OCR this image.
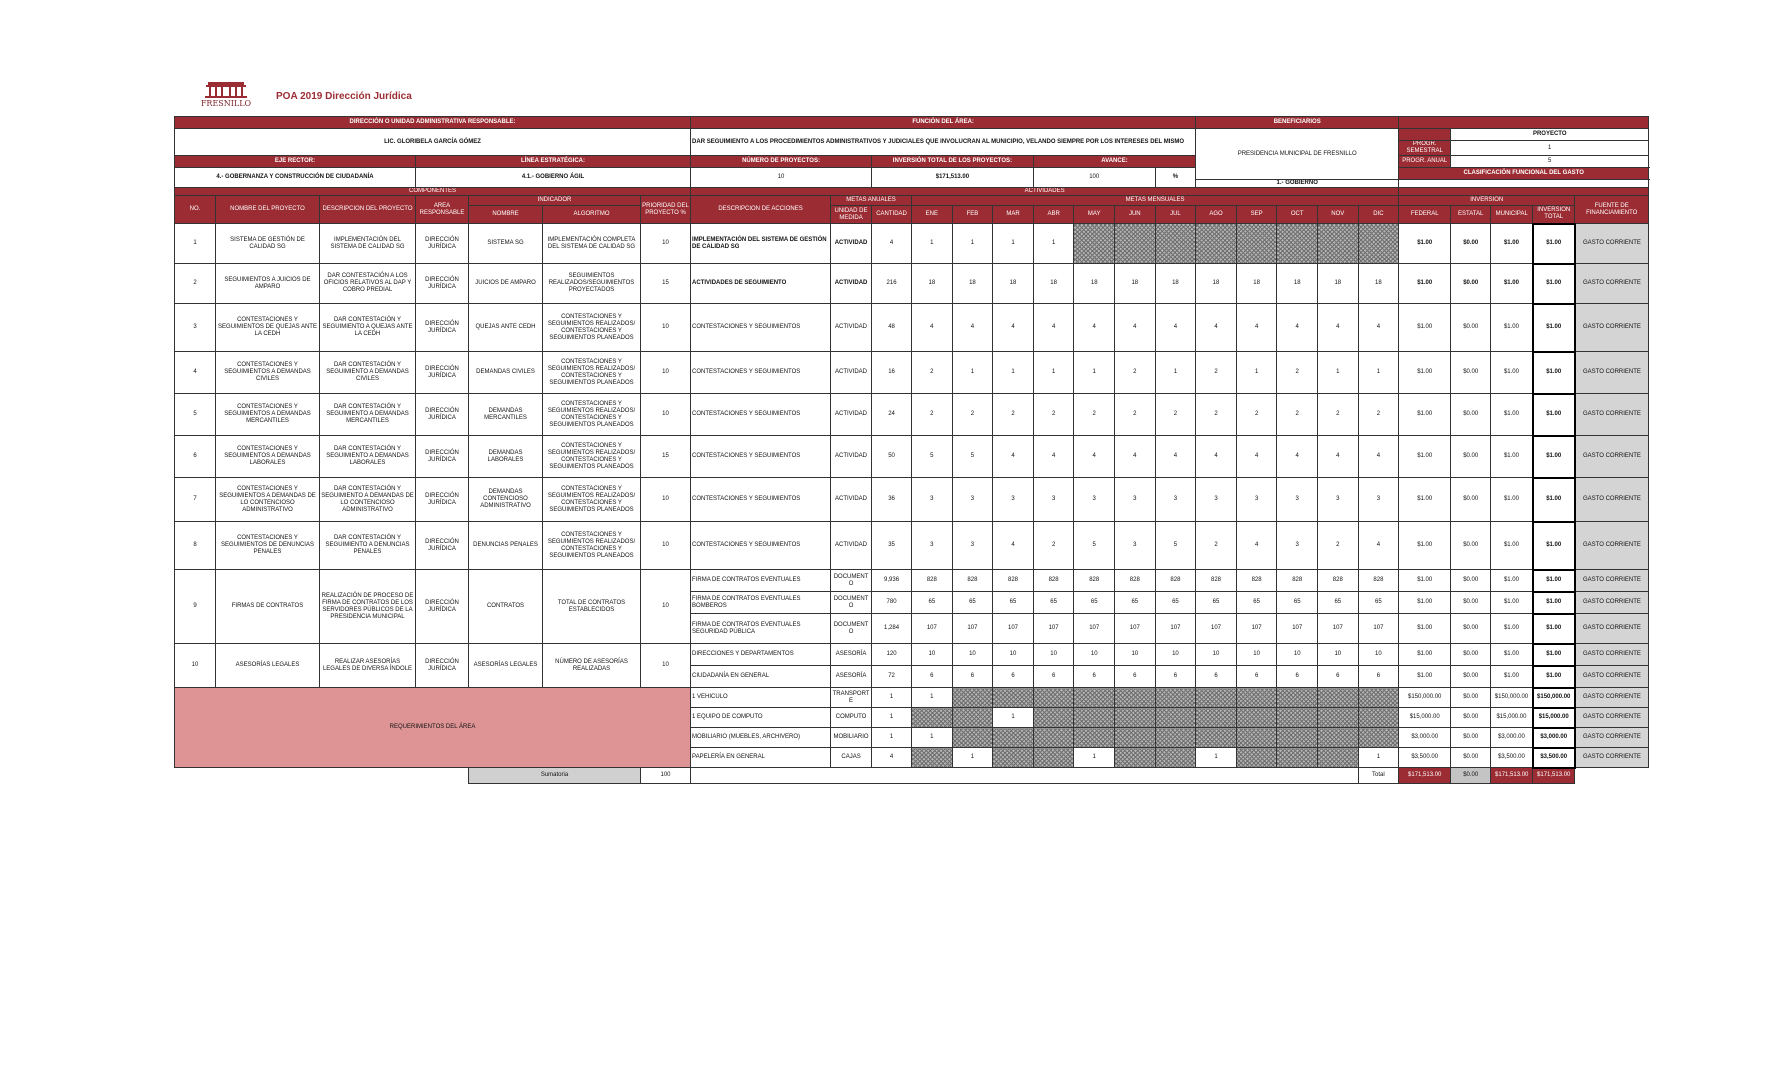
FRESNILLO
POA 2019 Dirección Jurídica
DIRECCIÓN O UNIDAD ADMINISTRATIVA RESPONSABLE:							FUNCIÓN DEL ÁREA:										BENEFICIARIOS										
LIC. GLORIBELA GARCÍA GÓMEZ							DAR SEGUIMIENTO A LOS PROCEDIMIENTOS ADMINISTRATIVOS Y JUDICIALES QUE INVOLUCRAN AL MUNICIPIO, VELANDO SIEMPRE POR LOS INTERESES DEL MISMO										PRESIDENCIA MUNICIPAL DE FRESNILLO						PROYECTO				
																						PROGR. SEMESTRAL	1				
EJE RECTOR:			LÍNEA ESTRATÉGICA:				NÚMERO DE PROYECTOS:		INVERSIÓN TOTAL DE LOS PROYECTOS:				AVANCE:									PROGR. ANUAL	5				
4.- GOBERNANZA Y CONSTRUCCIÓN DE CIUDADANÍA			4.1.- GOBIERNO ÁGIL				10		$171,513.00				100			%						CLASIFICACIÓN FUNCIONAL DEL GASTO					
																	1.- GOBIERNO										
COMPONENTES							ACTIVIDADES																				
NO.	NOMBRE DEL PROYECTO	DESCRIPCION DEL PROYECTO	AREA RESPONSABLE	INDICADOR		PRIORIDAD DEL PROYECTO %	DESCRIPCION DE ACCIONES	METAS ANUALES		METAS MENSUALES												INVERSION				FUENTE DE FINANCIAMIENTO	
				NOMBRE	ALGORITMO			UNIDAD DE MEDIDA	CANTIDAD	ENE	FEB	MAR	ABR	MAY	JUN	JUL	AGO	SEP	OCT	NOV	DIC	FEDERAL	ESTATAL	MUNICIPAL	INVERSION TOTAL		
1	SISTEMA DE GESTIÓN DE CALIDAD SG	IMPLEMENTACIÓN DEL SISTEMA DE CALIDAD SG	DIRECCIÓN JURÍDICA	SISTEMA SG	IMPLEMENTACIÓN COMPLETA DEL SISTEMA DE CALIDAD SG	10	IMPLEMENTACIÓN DEL SISTEMA DE GESTIÓN DE CALIDAD SG	ACTIVIDAD	4	1	1	1	1									$1.00	$0.00	$1.00	$1.00	GASTO CORRIENTE	
2	SEGUIMIENTOS A JUICIOS DE AMPARO	DAR CONTESTACIÓN A LOS OFICIOS RELATIVOS AL DAP Y COBRO PREDIAL	DIRECCIÓN JURÍDICA	JUICIOS DE AMPARO	SEGUIMIENTOS REALIZADOS/SEGUIMIENTOS PROYECTADOS	15	ACTIVIDADES DE SEGUIMIENTO	ACTIVIDAD	216	18	18	18	18	18	18	18	18	18	18	18	18	$1.00	$0.00	$1.00	$1.00	GASTO CORRIENTE	
3	CONTESTACIONES Y SEGUIMIENTOS DE QUEJAS ANTE LA CEDH	DAR CONTESTACIÓN Y SEGUIMIENTO A QUEJAS ANTE LA CEDH	DIRECCIÓN JURÍDICA	QUEJAS ANTE CEDH	CONTESTACIONES Y SEGUIMIENTOS REALIZADOS/ CONTESTACIONES Y SEGUIMIENTOS PLANEADOS	10	CONTESTACIONES Y SEGUIMIENTOS	ACTIVIDAD	48	4	4	4	4	4	4	4	4	4	4	4	4	$1.00	$0.00	$1.00	$1.00	GASTO CORRIENTE	
4	CONTESTACIONES Y SEGUIMIENTOS A DEMANDAS CIVILES	DAR CONTESTACIÓN Y SEGUIMIENTO A DEMANDAS CIVILES	DIRECCIÓN JURÍDICA	DEMANDAS CIVILES	CONTESTACIONES Y SEGUIMIENTOS REALIZADOS/ CONTESTACIONES Y SEGUIMIENTOS PLANEADOS	10	CONTESTACIONES Y SEGUIMIENTOS	ACTIVIDAD	16	2	1	1	1	1	2	1	2	1	2	1	1	$1.00	$0.00	$1.00	$1.00	GASTO CORRIENTE	
5	CONTESTACIONES Y SEGUIMIENTOS A DEMANDAS MERCANTILES	DAR CONTESTACIÓN Y SEGUIMIENTO A DEMANDAS MERCANTILES	DIRECCIÓN JURÍDICA	DEMANDAS MERCANTILES	CONTESTACIONES Y SEGUIMIENTOS REALIZADOS/ CONTESTACIONES Y SEGUIMIENTOS PLANEADOS	10	CONTESTACIONES Y SEGUIMIENTOS	ACTIVIDAD	24	2	2	2	2	2	2	2	2	2	2	2	2	$1.00	$0.00	$1.00	$1.00	GASTO CORRIENTE	
6	CONTESTACIONES Y SEGUIMIENTOS A DEMANDAS LABORALES	DAR CONTESTACIÓN Y SEGUIMIENTO A DEMANDAS LABORALES	DIRECCIÓN JURÍDICA	DEMANDAS LABORALES	CONTESTACIONES Y SEGUIMIENTOS REALIZADOS/ CONTESTACIONES Y SEGUIMIENTOS PLANEADOS	15	CONTESTACIONES Y SEGUIMIENTOS	ACTIVIDAD	50	5	5	4	4	4	4	4	4	4	4	4	4	$1.00	$0.00	$1.00	$1.00	GASTO CORRIENTE	
7	CONTESTACIONES Y SEGUIMIENTOS A DEMANDAS DE LO CONTENCIOSO ADMINISTRATIVO	DAR CONTESTACIÓN Y SEGUIMIENTO A DEMANDAS DE LO CONTENCIOSO ADMINISTRATIVO	DIRECCIÓN JURÍDICA	DEMANDAS CONTENCIOSO ADMINISTRATIVO	CONTESTACIONES Y SEGUIMIENTOS REALIZADOS/ CONTESTACIONES Y SEGUIMIENTOS PLANEADOS	10	CONTESTACIONES Y SEGUIMIENTOS	ACTIVIDAD	36	3	3	3	3	3	3	3	3	3	3	3	3	$1.00	$0.00	$1.00	$1.00	GASTO CORRIENTE	
8	CONTESTACIONES Y SEGUIMIENTOS DE DENUNCIAS PENALES	DAR CONTESTACIÓN Y SEGUIMIENTO A DENUNCIAS PENALES	DIRECCIÓN JURÍDICA	DENUNCIAS PENALES	CONTESTACIONES Y SEGUIMIENTOS REALIZADOS/ CONTESTACIONES Y SEGUIMIENTOS PLANEADOS	10	CONTESTACIONES Y SEGUIMIENTOS	ACTIVIDAD	35	3	3	4	2	5	3	5	2	4	3	2	4	$1.00	$0.00	$1.00	$1.00	GASTO CORRIENTE	
9	FIRMAS DE CONTRATOS	REALIZACIÓN DE PROCESO DE FIRMA DE CONTRATOS DE LOS SERVIDORES PÚBLICOS DE LA PRESIDENCIA MUNICIPAL	DIRECCIÓN JURÍDICA	CONTRATOS	TOTAL DE CONTRATOS ESTABLECIDOS	10	FIRMA DE CONTRATOS EVENTUALES	DOCUMENTO	9,936	828	828	828	828	828	828	828	828	828	828	828	828	$1.00	$0.00	$1.00	$1.00	GASTO CORRIENTE	
							FIRMA DE CONTRATOS EVENTUALES BOMBEROS	DOCUMENTO	780	65	65	65	65	65	65	65	65	65	65	65	65	$1.00	$0.00	$1.00	$1.00	GASTO CORRIENTE	
							FIRMA DE CONTRATOS EVENTUALES SEGURIDAD PÚBLICA	DOCUMENTO	1,284	107	107	107	107	107	107	107	107	107	107	107	107	$1.00	$0.00	$1.00	$1.00	GASTO CORRIENTE	
10	ASESORÍAS LEGALES	REALIZAR ASESORÍAS LEGALES DE DIVERSA ÍNDOLE	DIRECCIÓN JURÍDICA	ASESORÍAS LEGALES	NÚMERO DE ASESORÍAS REALIZADAS	10	DIRECCIONES Y DEPARTAMENTOS	ASESORÍA	120	10	10	10	10	10	10	10	10	10	10	10	10	$1.00	$0.00	$1.00	$1.00	GASTO CORRIENTE	
							CIUDADANÍA EN GENERAL	ASESORÍA	72	6	6	6	6	6	6	6	6	6	6	6	6	$1.00	$0.00	$1.00	$1.00	GASTO CORRIENTE	
REQUERIMIENTOS DEL ÁREA							1 VEHICULO	TRANSPORTE	1	1												$150,000.00	$0.00	$150,000.00	$150,000.00	GASTO CORRIENTE	
							1 EQUIPO DE COMPUTO	COMPUTO	1			1										$15,000.00	$0.00	$15,000.00	$15,000.00	GASTO CORRIENTE	
							MOBILIARIO (MUEBLES, ARCHIVERO)	MOBILIARIO	1	1												$3,000.00	$0.00	$3,000.00	$3,000.00	GASTO CORRIENTE	
							PAPELERÍA EN GENERAL	CAJAS	4		1			1			1				1	$3,500.00	$0.00	$3,500.00	$3,500.00	GASTO CORRIENTE	
				Sumatoria		100															Total	$171,513.00	$0.00	$171,513.00	$171,513.00		
